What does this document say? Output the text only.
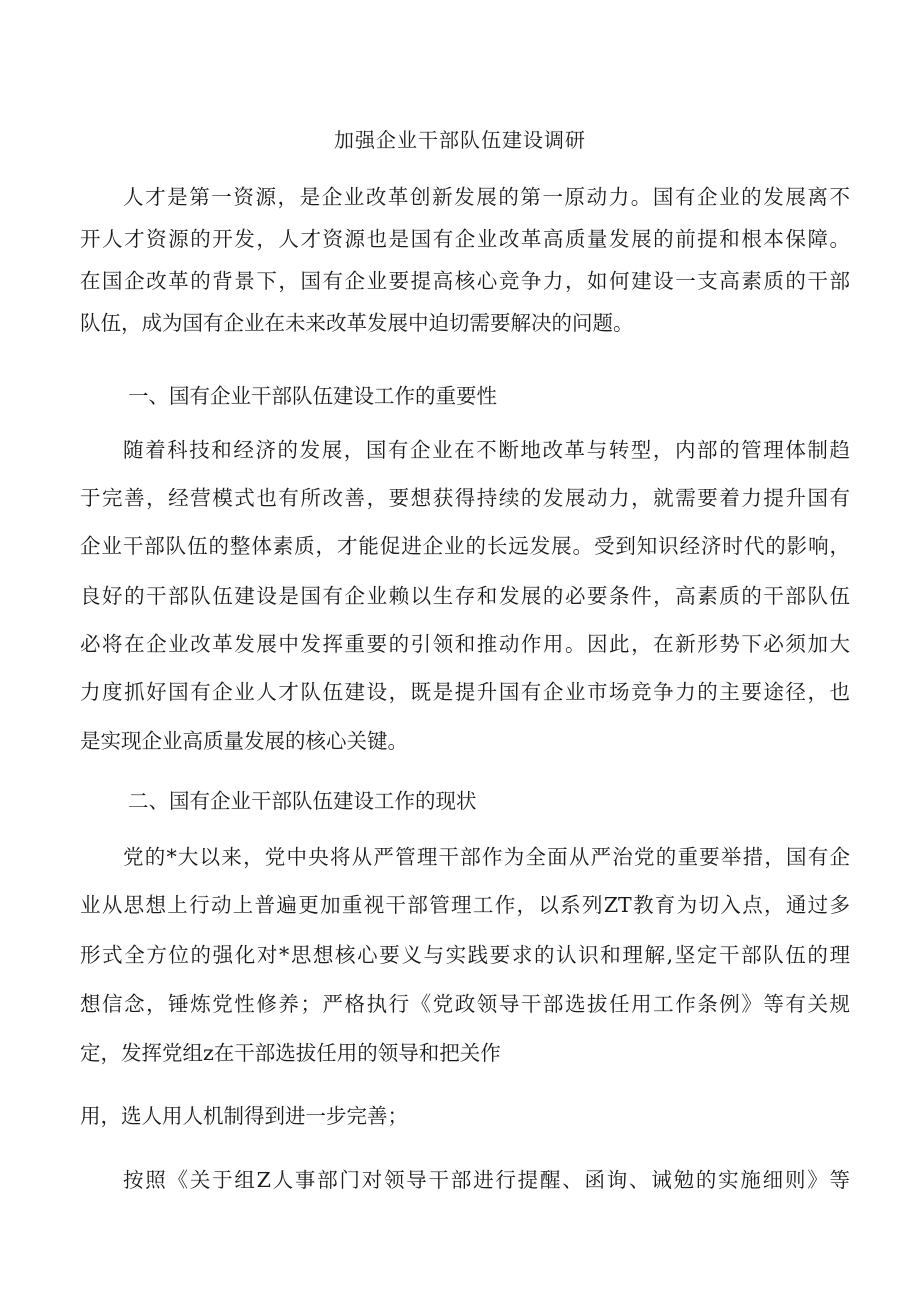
加强企业干部队伍建设调研
人才是第一资源，是企业改革创新发展的第一原动力。国有企业的发展离不
开人才资源的开发，人才资源也是国有企业改革高质量发展的前提和根本保障。
在国企改革的背景下，国有企业要提高核心竞争力，如何建设一支高素质的干部
队伍，成为国有企业在未来改革发展中迫切需要解决的问题。
一、国有企业干部队伍建设工作的重要性
随着科技和经济的发展，国有企业在不断地改革与转型，内部的管理体制趋
于完善，经营模式也有所改善，要想获得持续的发展动力，就需要着力提升国有
企业干部队伍的整体素质，才能促进企业的长远发展。受到知识经济时代的影响，
良好的干部队伍建设是国有企业赖以生存和发展的必要条件，高素质的干部队伍
必将在企业改革发展中发挥重要的引领和推动作用。因此，在新形势下必须加大
力度抓好国有企业人才队伍建设，既是提升国有企业市场竞争力的主要途径，也
是实现企业高质量发展的核心关键。
二、国有企业干部队伍建设工作的现状
党的*大以来，党中央将从严管理干部作为全面从严治党的重要举措，国有企
业从思想上行动上普遍更加重视干部管理工作，以系列ZT教育为切入点，通过多
形式全方位的强化对*思想核心要义与实践要求的认识和理解,坚定干部队伍的理
想信念，锤炼党性修养；严格执行《党政领导干部选拔任用工作条例》等有关规
定，发挥党组z在干部选拔任用的领导和把关作
用，选人用人机制得到进一步完善；
按照《关于组Z人事部门对领导干部进行提醒、函询、诫勉的实施细则》等
